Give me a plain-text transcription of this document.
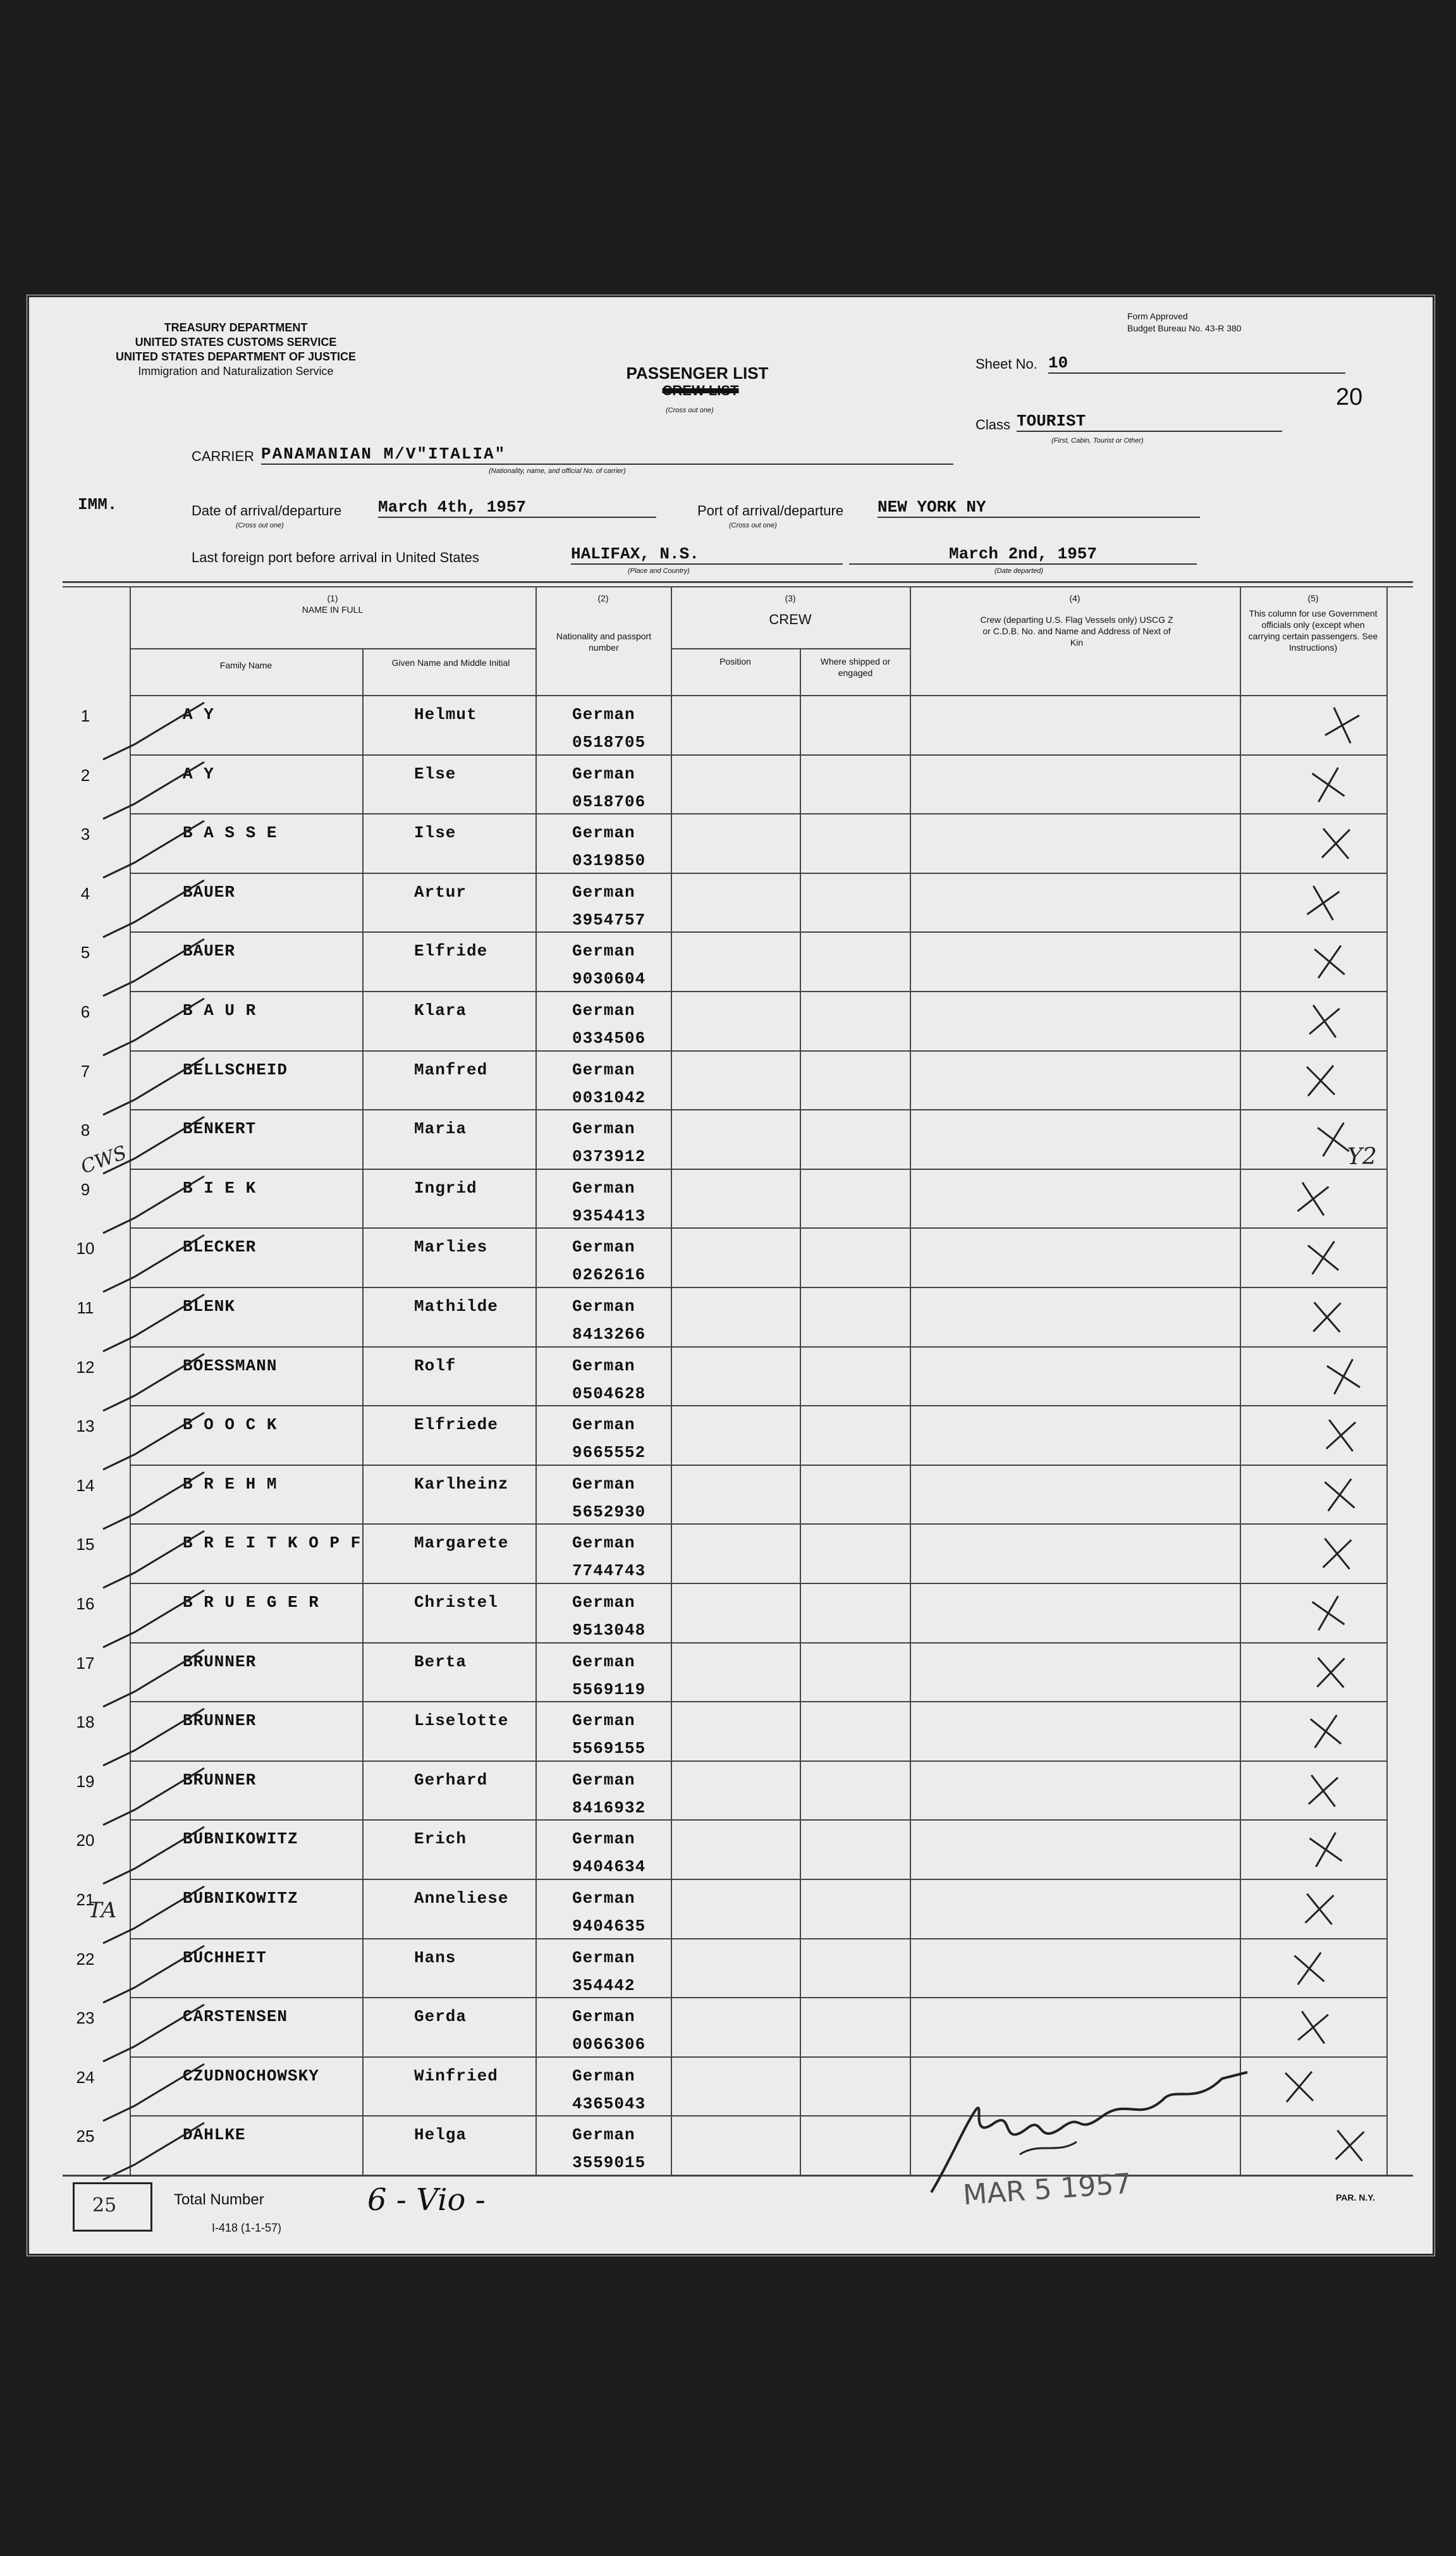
TREASURY DEPARTMENT
UNITED STATES CUSTOMS SERVICE
UNITED STATES DEPARTMENT OF JUSTICE
Immigration and Naturalization Service
Form Approved
Budget Bureau No. 43-R 380
PASSENGER LIST
CREW LIST
(Cross out one)
Sheet No. 10
20
Class TOURIST
(First, Cabin, Tourist or Other)
CARRIER PANAMANIAN M/V"ITALIA"
(Nationality, name, and official No. of carrier)
IMM.	Date of arrival/departure March 4th, 1957
(Cross out one)
Port of arrival/departure NEW YORK NY
(Cross out one)
Last foreign port before arrival in United States	HALIFAX, N.S.
(Place and Country)
March 2nd, 1957
(Date departed)
(1)
NAME IN FULL
Family Name	Given Name and Middle Initial
(2)
Nationality and passport number
(3)
CREW
Position	Where shipped or engaged
(4)
Crew (departing U.S. Flag Vessels only) USCG Z or C.D.B. No. and Name and Address of Next of Kin
(5)
This column for use Government officials only (except when carrying certain passengers. See Instructions)
1	A Y	Helmut	German
0518705
2	A Y	Else	German
0518706
3	B A S S E	Ilse	German
0319850
4	BAUER	Artur	German
3954757
5	BAUER	Elfride	German
9030604
6	B A U R	Klara	German
0334506
7	BELLSCHEID	Manfred	German
0031042
8	BENKERT	Maria	German
0373912
9	B I E K	Ingrid	German
9354413
10	BLECKER	Marlies	German
0262616
11	BLENK	Mathilde	German
8413266
12	BOESSMANN	Rolf	German
0504628
13	B O O C K	Elfriede	German
9665552
14	B R E H M	Karlheinz	German
5652930
15	B R E I T K O P F	Margarete	German
7744743
16	B R U E G E R	Christel	German
9513048
17	BRUNNER	Berta	German
5569119
18	BRUNNER	Liselotte	German
5569155
19	BRUNNER	Gerhard	German
8416932
20	BUBNIKOWITZ	Erich	German
9404634
21	BUBNIKOWITZ	Anneliese	German
9404635
22	BUCHHEIT	Hans	German
354442
23	CARSTENSEN	Gerda	German
0066306
24	CZUDNOCHOWSKY	Winfried	German
4365043
25	DAHLKE	Helga	German
3559015
25	Total Number
I-418 (1-1-57)
6 - Vio -	MAR 5 1957	PAR. N.Y.
CWS	Y2
TA
